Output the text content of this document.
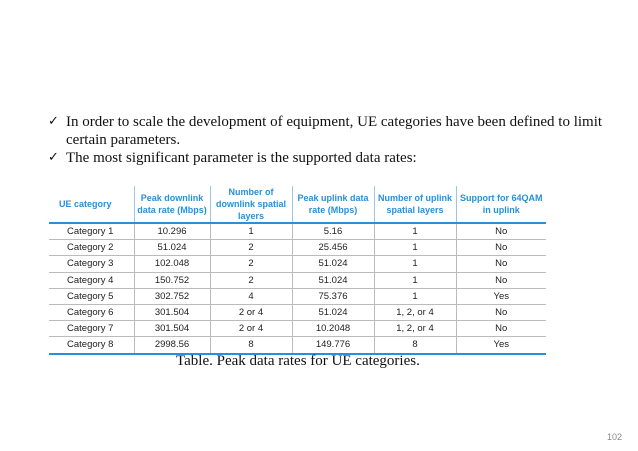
✓ In order to scale the development of equipment, UE categories have been defined to limit certain parameters.
✓ The most significant parameter is the supported data rates:
UE category	Peak downlink data rate (Mbps)	Number of downlink spatial layers	Peak uplink data rate (Mbps)	Number of uplink spatial layers	Support for 64QAM in uplink
Category 1	10.296	1	5.16	1	No
Category 2	51.024	2	25.456	1	No
Category 3	102.048	2	51.024	1	No
Category 4	150.752	2	51.024	1	No
Category 5	302.752	4	75.376	1	Yes
Category 6	301.504	2 or 4	51.024	1, 2, or 4	No
Category 7	301.504	2 or 4	10.2048	1, 2, or 4	No
Category 8	2998.56	8	149.776	8	Yes
Table. Peak data rates for UE categories.
102
